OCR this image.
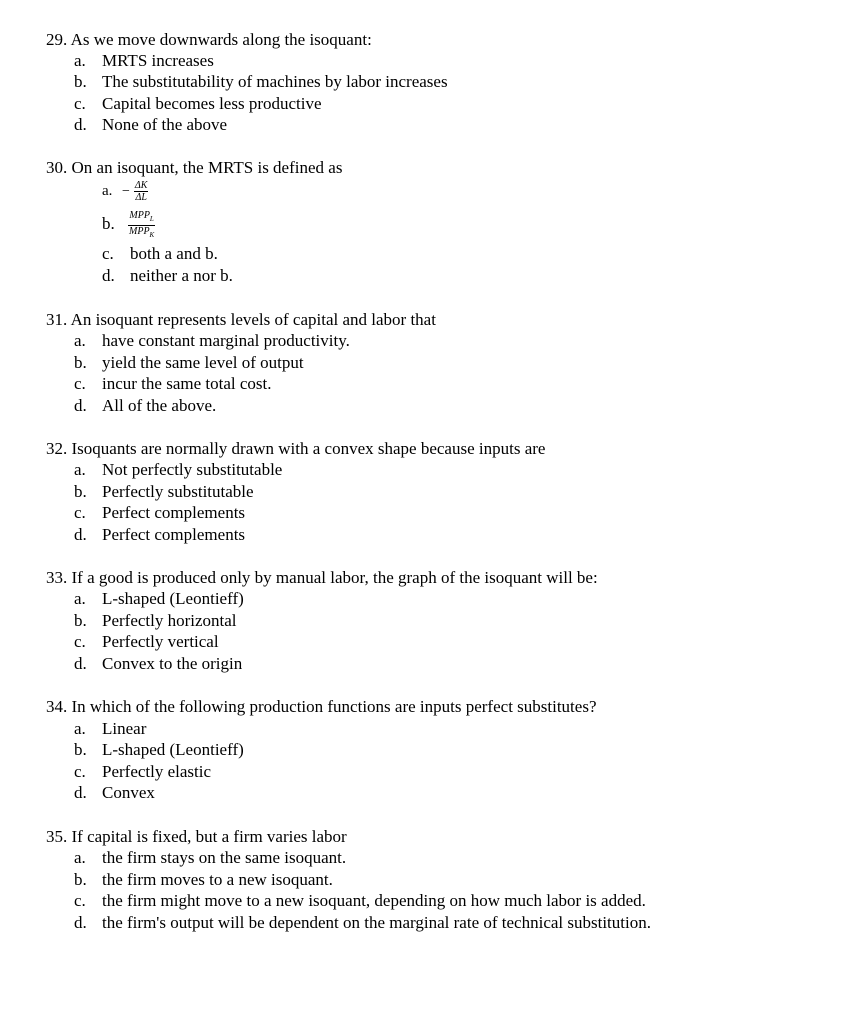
29. As we move downwards along the isoquant:
a. MRTS increases
b. The substitutability of machines by labor increases
c. Capital becomes less productive
d. None of the above
30. On an isoquant, the MRTS is defined as
a. − $\frac{\Delta K}{\Delta L}$
b. $\frac{MPP_L}{MPP_K}$
c. both a and b.
d. neither a nor b.
31. An isoquant represents levels of capital and labor that
a. have constant marginal productivity.
b. yield the same level of output
c. incur the same total cost.
d. All of the above.
32. Isoquants are normally drawn with a convex shape because inputs are
a. Not perfectly substitutable
b. Perfectly substitutable
c. Perfect complements
d. Perfect complements
33. If a good is produced only by manual labor, the graph of the isoquant will be:
a. L-shaped (Leontieff)
b. Perfectly horizontal
c. Perfectly vertical
d. Convex to the origin
34. In which of the following production functions are inputs perfect substitutes?
a. Linear
b. L-shaped (Leontieff)
c. Perfectly elastic
d. Convex
35. If capital is fixed, but a firm varies labor
a. the firm stays on the same isoquant.
b. the firm moves to a new isoquant.
c. the firm might move to a new isoquant, depending on how much labor is added.
d. the firm's output will be dependent on the marginal rate of technical substitution.
